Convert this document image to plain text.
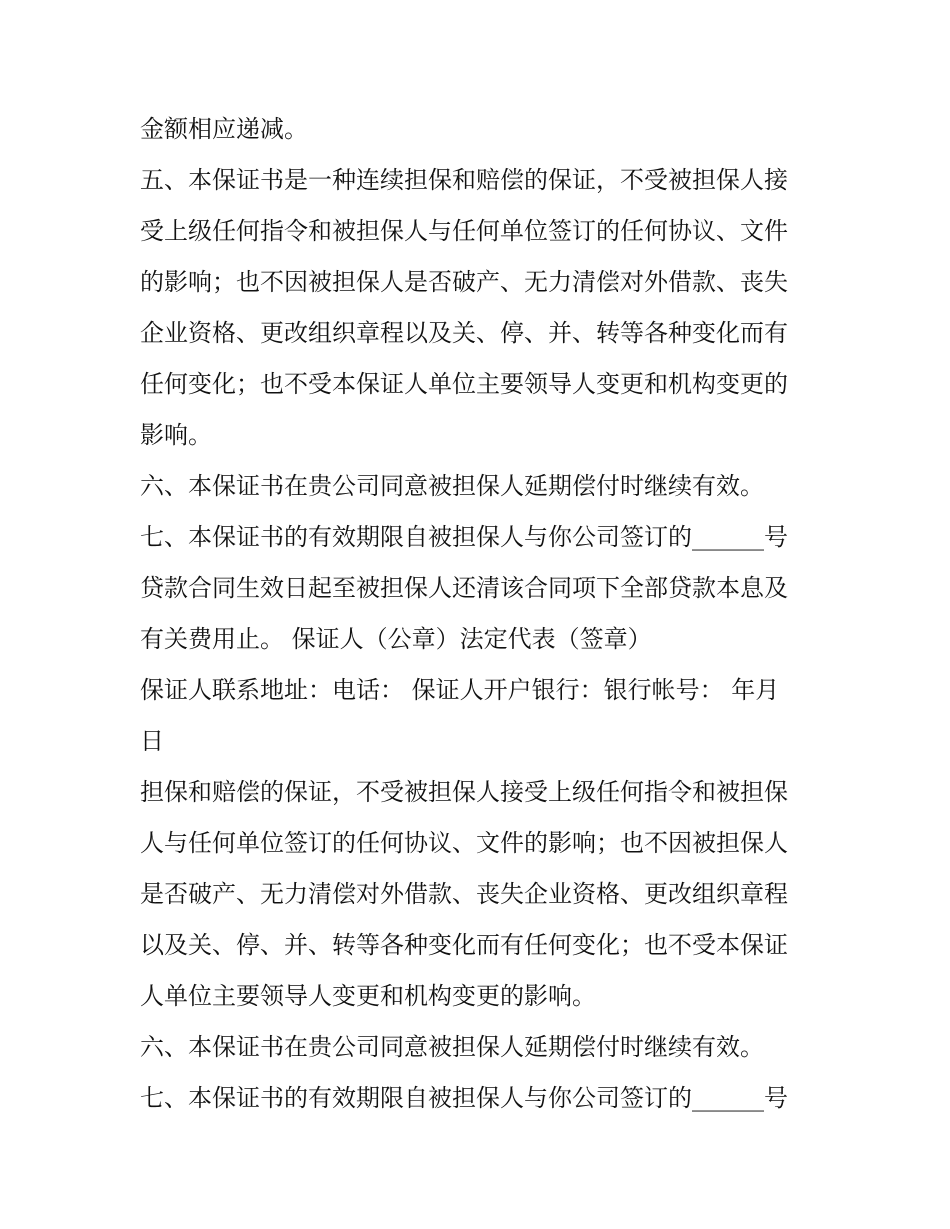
金额相应递减。
五、本保证书是一种连续担保和赔偿的保证，不受被担保人接
受上级任何指令和被担保人与任何单位签订的任何协议、文件
的影响；也不因被担保人是否破产、无力清偿对外借款、丧失
企业资格、更改组织章程以及关、停、并、转等各种变化而有
任何变化；也不受本保证人单位主要领导人变更和机构变更的
影响。
六、本保证书在贵公司同意被担保人延期偿付时继续有效。
七、本保证书的有效期限自被担保人与你公司签订的______号
贷款合同生效日起至被担保人还清该合同项下全部贷款本息及
有关费用止。 保证人（公章）法定代表（签章）
保证人联系地址：电话： 保证人开户银行：银行帐号： 年月
日
担保和赔偿的保证，不受被担保人接受上级任何指令和被担保
人与任何单位签订的任何协议、文件的影响；也不因被担保人
是否破产、无力清偿对外借款、丧失企业资格、更改组织章程
以及关、停、并、转等各种变化而有任何变化；也不受本保证
人单位主要领导人变更和机构变更的影响。
六、本保证书在贵公司同意被担保人延期偿付时继续有效。
七、本保证书的有效期限自被担保人与你公司签订的______号
